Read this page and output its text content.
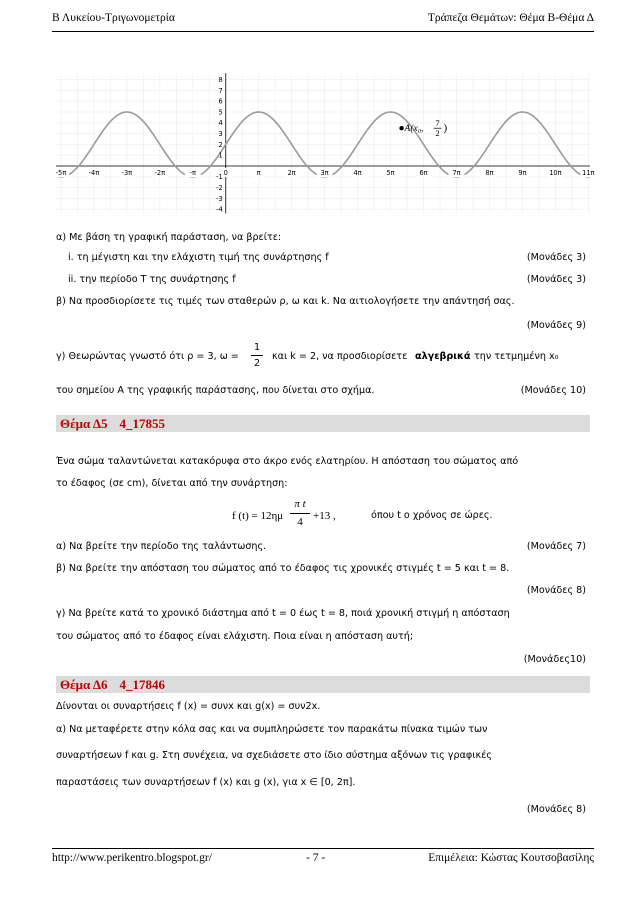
Β Λυκείου-Τριγωνομετρία	Τράπεζα Θεμάτων: Θέμα Β-Θέμα Δ
-5π	-4π	-3π	-2π	-π	0	π	2π	3π	4π	5π	6π	7π	8π	9π	10π	11π
8
7
6
5
4
3
2
1
-1
-2
-3
-4
A(x₀,
7
2 )
α) Με βάση τη γραφική παράσταση, να βρείτε:
i. τη μέγιστη και την ελάχιστη τιμή της συνάρτησης f	(Μονάδες 3)
ii. την περίοδο T της συνάρτησης f	(Μονάδες 3)
β) Να προσδιορίσετε τις τιμές των σταθερών ρ, ω και k. Να αιτιολογήσετε την απάντησή σας.
(Μονάδες 9)
γ) Θεωρώντας γνωστό ότι ρ = 3, ω =
1
2
και k = 2, να προσδιορίσετε αλγεβρικά την τετμημένη x₀
του σημείου A της γραφικής παράστασης, που δίνεται στο σχήμα.	(Μονάδες 10)
Θέμα Δ5 4_17855
Ένα σώμα ταλαντώνεται κατακόρυφα στο άκρο ενός ελατηρίου. Η απόσταση του σώματος από
το έδαφος (σε cm), δίνεται από την συνάρτηση:
f (t) = 12ημ
π t
4 +13 ,	όπου t ο χρόνος σε ώρες.
α) Να βρείτε την περίοδο της ταλάντωσης.	(Μονάδες 7)
β) Να βρείτε την απόσταση του σώματος από το έδαφος τις χρονικές στιγμές t = 5 και t = 8.
(Μονάδες 8)
γ) Να βρείτε κατά το χρονικό διάστημα από t = 0 έως t = 8, ποιά χρονική στιγμή η απόσταση
του σώματος από το έδαφος είναι ελάχιστη. Ποια είναι η απόσταση αυτή;
(Μονάδες10)
Θέμα Δ6 4_17846
Δίνονται οι συναρτήσεις f (x) = συνx και g(x) = συν2x.
α) Να μεταφέρετε στην κόλα σας και να συμπληρώσετε τον παρακάτω πίνακα τιμών των
συναρτήσεων f και g. Στη συνέχεια, να σχεδιάσετε στο ίδιο σύστημα αξόνων τις γραφικές
παραστάσεις των συναρτήσεων f (x) και g (x), για x ∈ [0, 2π].
(Μονάδες 8)
http://www.perikentro.blogspot.gr/	- 7 -	Επιμέλεια: Κώστας Κουτσοβασίλης
